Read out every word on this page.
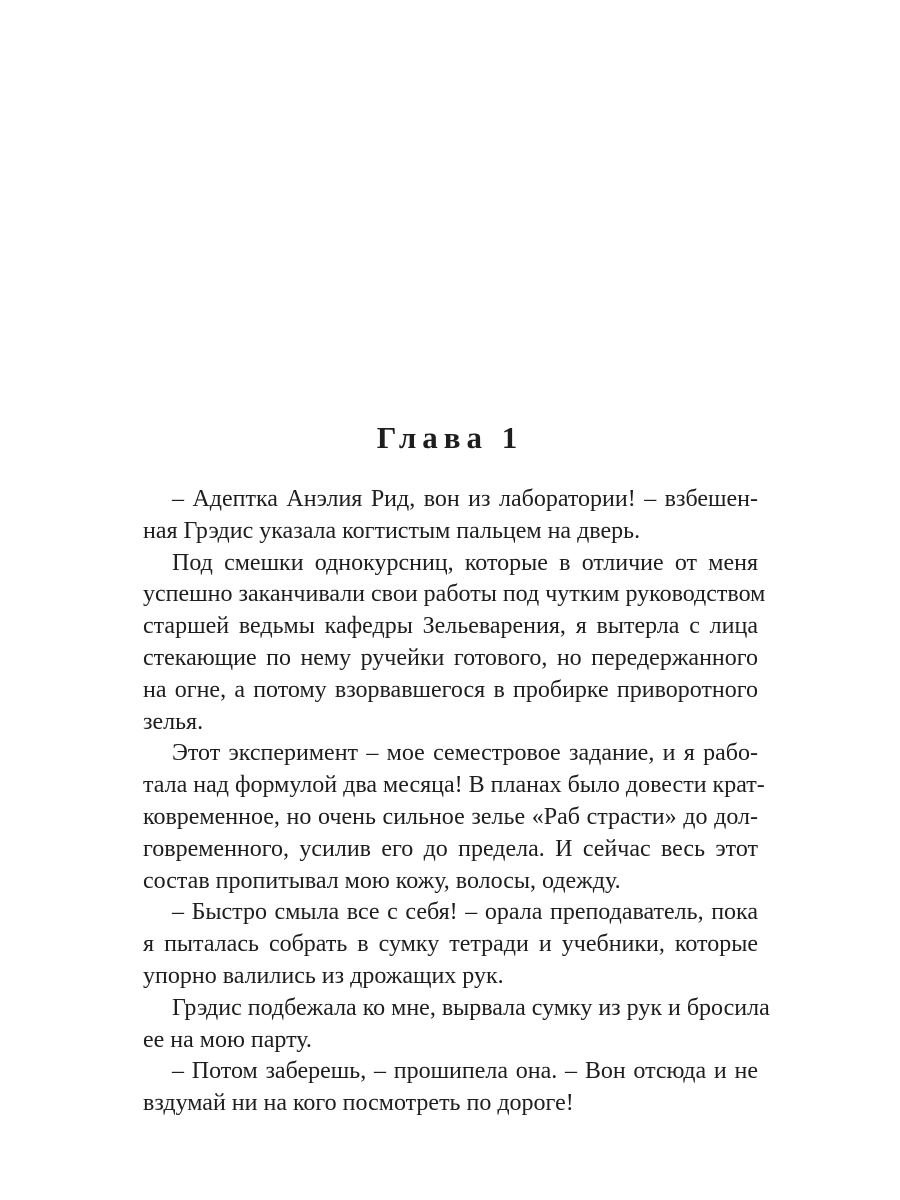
Глава 1
– Адептка Анэлия Рид, вон из лаборатории! – взбешен-
ная Грэдис указала когтистым пальцем на дверь.
Под смешки однокурсниц, которые в отличие от меня
успешно заканчивали свои работы под чутким руководством
старшей ведьмы кафедры Зельеварения, я вытерла с лица
стекающие по нему ручейки готового, но передержанного
на огне, а потому взорвавшегося в пробирке приворотного
зелья.
Этот эксперимент – мое семестровое задание, и я рабо-
тала над формулой два месяца! В планах было довести крат-
ковременное, но очень сильное зелье «Раб страсти» до дол-
говременного, усилив его до предела. И сейчас весь этот
состав пропитывал мою кожу, волосы, одежду.
– Быстро смыла все с себя! – орала преподаватель, пока
я пыталась собрать в сумку тетради и учебники, которые
упорно валились из дрожащих рук.
Грэдис подбежала ко мне, вырвала сумку из рук и бросила
ее на мою парту.
– Потом заберешь, – прошипела она. – Вон отсюда и не
вздумай ни на кого посмотреть по дороге!
